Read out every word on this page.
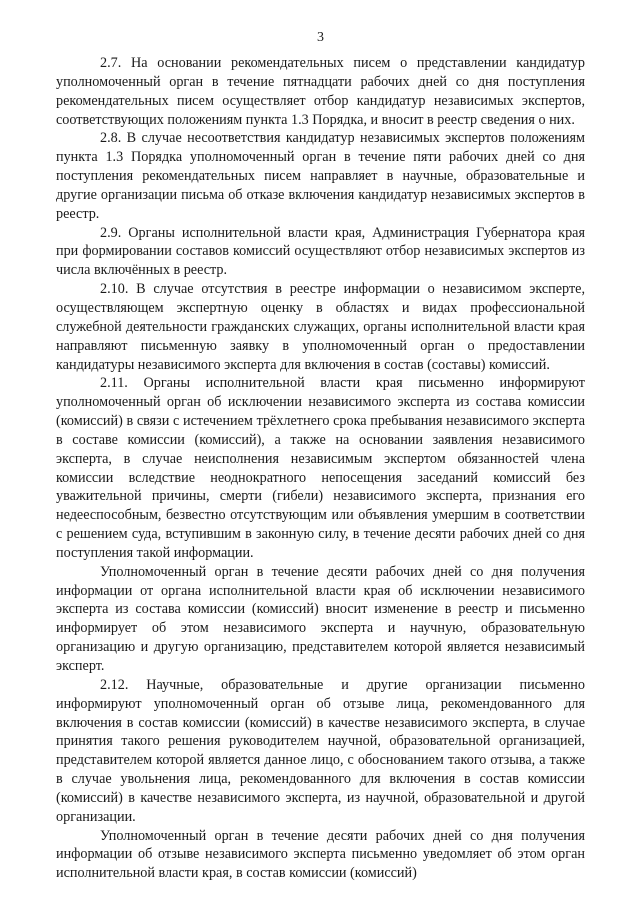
3

2.7. На основании рекомендательных писем о представлении кандидатур уполномоченный орган в течение пятнадцати рабочих дней со дня поступления рекомендательных писем осуществляет отбор кандидатур независимых экспертов, соответствующих положениям пункта 1.3 Порядка, и вносит в реестр сведения о них.

2.8. В случае несоответствия кандидатур независимых экспертов положениям пункта 1.3 Порядка уполномоченный орган в течение пяти рабочих дней со дня поступления рекомендательных писем направляет в научные, образовательные и другие организации письма об отказе включения кандидатур независимых экспертов в реестр.

2.9. Органы исполнительной власти края, Администрация Губернатора края при формировании составов комиссий осуществляют отбор независимых экспертов из числа включённых в реестр.

2.10. В случае отсутствия в реестре информации о независимом эксперте, осуществляющем экспертную оценку в областях и видах профессиональной служебной деятельности гражданских служащих, органы исполнительной власти края направляют письменную заявку в уполномоченный орган о предоставлении кандидатуры независимого эксперта для включения в состав (составы) комиссий.

2.11. Органы исполнительной власти края письменно информируют уполномоченный орган об исключении независимого эксперта из состава комиссии (комиссий) в связи с истечением трёхлетнего срока пребывания независимого эксперта в составе комиссии (комиссий), а также на основании заявления независимого эксперта, в случае неисполнения независимым экспертом обязанностей члена комиссии вследствие неоднократного непосещения заседаний комиссий без уважительной причины, смерти (гибели) независимого эксперта, признания его недееспособным, безвестно отсутствующим или объявления умершим в соответствии с решением суда, вступившим в законную силу, в течение десяти рабочих дней со дня поступления такой информации.

Уполномоченный орган в течение десяти рабочих дней со дня получения информации от органа исполнительной власти края об исключении независимого эксперта из состава комиссии (комиссий) вносит изменение в реестр и письменно информирует об этом независимого эксперта и научную, образовательную организацию и другую организацию, представителем которой является независимый эксперт.

2.12. Научные, образовательные и другие организации письменно информируют уполномоченный орган об отзыве лица, рекомендованного для включения в состав комиссии (комиссий) в качестве независимого эксперта, в случае принятия такого решения руководителем научной, образовательной организацией, представителем которой является данное лицо, с обоснованием такого отзыва, а также в случае увольнения лица, рекомендованного для включения в состав комиссии (комиссий) в качестве независимого эксперта, из научной, образовательной и другой организации.

Уполномоченный орган в течение десяти рабочих дней со дня получения информации об отзыве независимого эксперта письменно уведомляет об этом орган исполнительной власти края, в состав комиссии (комиссий)
